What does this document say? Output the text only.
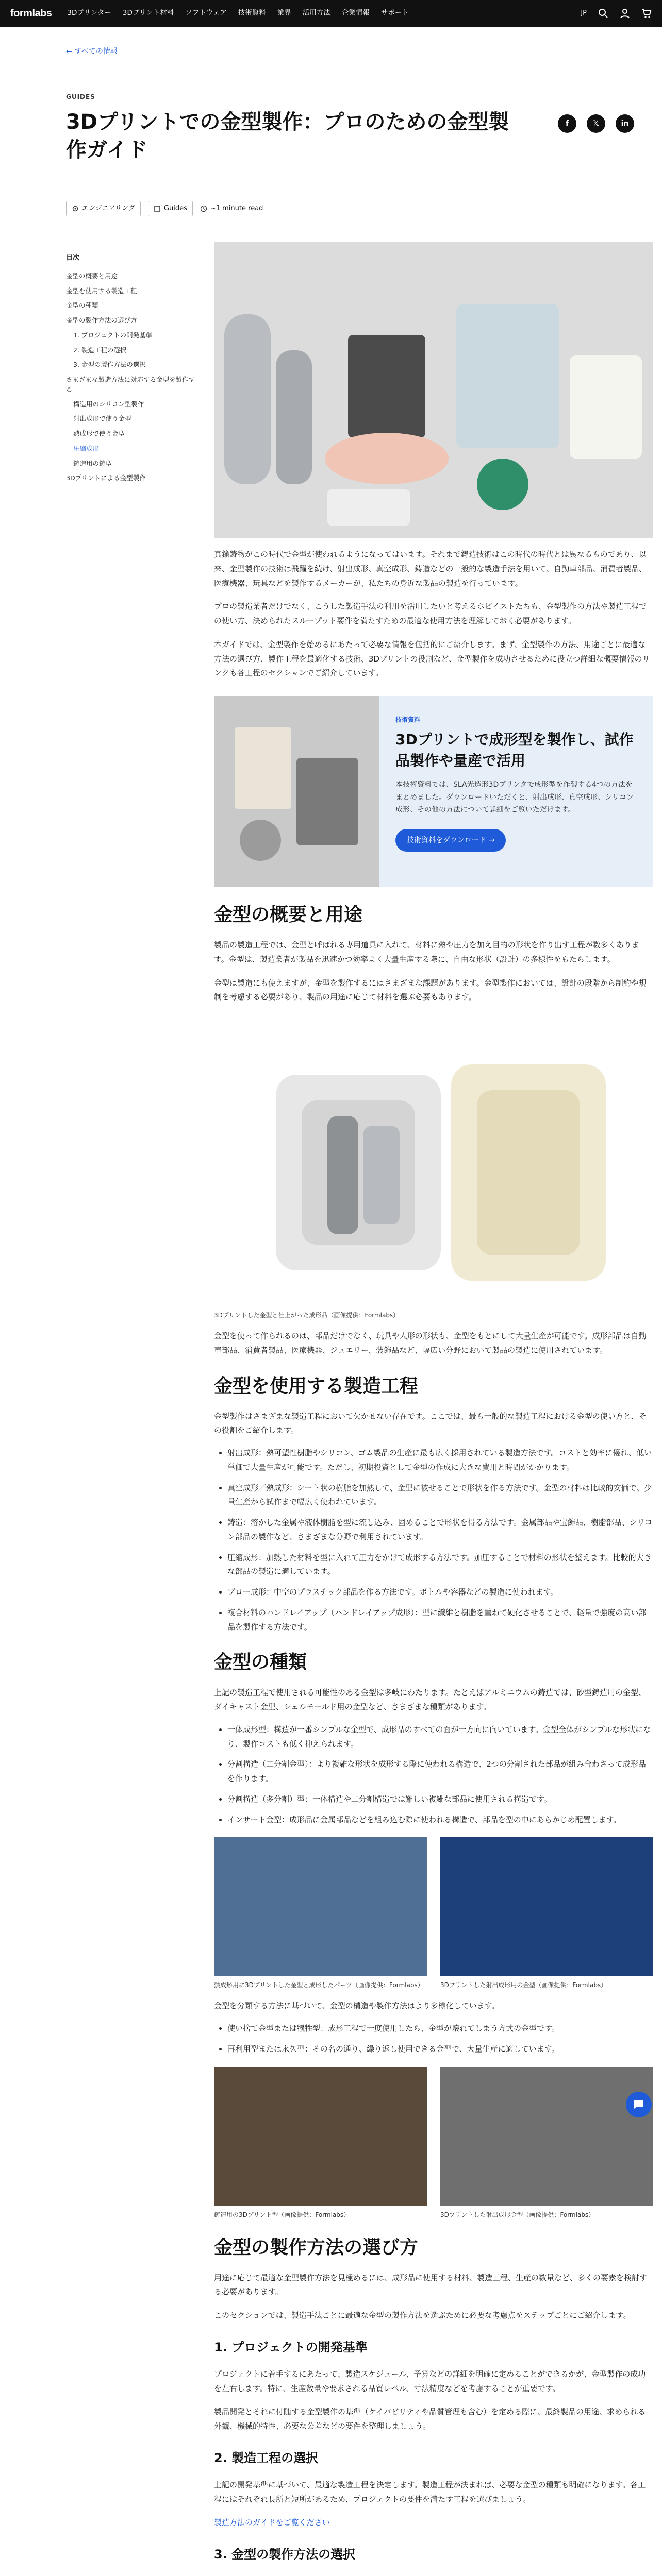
formlabs 3Dプリンター 3Dプリント材料 ソフトウェア 技術資料 業界 活用方法 企業情報 サポート	JP
← すべての情報
GUIDES
3Dプリントでの金型製作：プロのための金型製作ガイド
f	𝕏	in
エンジニアリング	Guides	~1 minute read
目次
金型の概要と用途
金型を使用する製造工程
金型の種類
金型の製作方法の選び方
1. プロジェクトの開発基準
2. 製造工程の選択
3. 金型の製作方法の選択
さまざまな製造方法に対応する金型を製作する
構造用のシリコン型製作
射出成形で使う金型
熱成形で使う金型
圧縮成形
鋳造用の鋳型
3Dプリントによる金型製作

真鍮鋳物がこの時代で金型が使われるようになってはいます。それまで鋳造技術はこの時代の時代とは異なるものであり、以来、金型製作の技術は飛躍を続け、射出成形、真空成形、鋳造などの一般的な製造手法を用いて、自動車部品、消費者製品、医療機器、玩具などを製作するメーカーが、私たちの身近な製品の製造を行っています。

プロの製造業者だけでなく、こうした製造手法の利用を活用したいと考えるホビイストたちも、金型製作の方法や製造工程での使い方、決められたスループット要件を満たすための最適な使用方法を理解しておく必要があります。

本ガイドでは、金型製作を始めるにあたって必要な情報を包括的にご紹介します。まず、金型製作の方法、用途ごとに最適な方法の選び方、製作工程を最適化する技術、3Dプリントの役割など、金型製作を成功させるために役立つ詳細な概要情報のリンクも各工程のセクションでご紹介しています。

技術資料
3Dプリントで成形型を製作し、試作品製作や量産で活用

本技術資料では、SLA光造形3Dプリンタで成形型を作製する4つの方法をまとめました。ダウンロードいただくと、射出成形、真空成形、シリコン成形、その他の方法について詳細をご覧いただけます。

技術資料をダウンロード →
金型の概要と用途

製品の製造工程では、金型と呼ばれる専用道具に入れて、材料に熱や圧力を加え目的の形状を作り出す工程が数多くあります。金型は、製造業者が製品を迅速かつ効率よく大量生産する際に、自由な形状（設計）の多様性をもたらします。

金型は製造にも使えますが、金型を製作するにはさまざまな課題があります。金型製作においては、設計の段階から制約や規制を考慮する必要があり、製品の用途に応じて材料を選ぶ必要もあります。

3Dプリントした金型と仕上がった成形品（画像提供：Formlabs）

金型を使って作られるのは、部品だけでなく、玩具や人形の形状も、金型をもとにして大量生産が可能です。成形部品は自動車部品、消費者製品、医療機器、ジュエリー、装飾品など、幅広い分野において製品の製造に使用されています。

金型を使用する製造工程

金型製作はさまざまな製造工程において欠かせない存在です。ここでは、最も一般的な製造工程における金型の使い方と、その役割をご紹介します。

• 射出成形：熱可塑性樹脂やシリコン、ゴム製品の生産に最も広く採用されている製造方法です。コストと効率に優れ、低い単価で大量生産が可能です。ただし、初期投資として金型の作成に大きな費用と時間がかかります。
• 真空成形／熱成形：シート状の樹脂を加熱して、金型に被せることで形状を作る方法です。金型の材料は比較的安価で、少量生産から試作まで幅広く使われています。
• 鋳造：溶かした金属や液体樹脂を型に流し込み、固めることで形状を得る方法です。金属部品や宝飾品、樹脂部品、シリコン部品の製作など、さまざまな分野で利用されています。
• 圧縮成形：加熱した材料を型に入れて圧力をかけて成形する方法です。加圧することで材料の形状を整えます。比較的大きな部品の製造に適しています。
• ブロー成形：中空のプラスチック部品を作る方法です。ボトルや容器などの製造に使われます。
• 複合材料のハンドレイアップ（ハンドレイアップ成形）：型に繊維と樹脂を重ねて硬化させることで、軽量で強度の高い部品を製作する方法です。
金型の種類

上記の製造工程で使用される可能性のある金型は多岐にわたります。たとえばアルミニウムの鋳造では、砂型鋳造用の金型、ダイキャスト金型、シェルモールド用の金型など、さまざまな種類があります。

• 一体成形型：構造が一番シンプルな金型で、成形品のすべての面が一方向に向いています。金型全体がシンプルな形状になり、製作コストも低く抑えられます。
• 分割構造（二分割金型）：より複雑な形状を成形する際に使われる構造で、2つの分割された部品が組み合わさって成形品を作ります。
• 分割構造（多分割）型：一体構造や二分割構造では難しい複雑な部品に使用される構造です。
• インサート金型：成形品に金属部品などを組み込む際に使われる構造で、部品を型の中にあらかじめ配置します。
熱成形用に3Dプリントした金型と成形したパーツ（画像提供：Formlabs）	3Dプリントした射出成形用の金型（画像提供：Formlabs）

金型を分類する方法に基づいて、金型の構造や製作方法はより多様化しています。

• 使い捨て金型または犠牲型：成形工程で一度使用したら、金型が壊れてしまう方式の金型です。
• 再利用型または永久型：その名の通り、繰り返し使用できる金型で、大量生産に適しています。
鋳造用の3Dプリント型（画像提供：Formlabs）	3Dプリントした射出成形金型（画像提供：Formlabs）
金型の製作方法の選び方

用途に応じて最適な金型製作方法を見極めるには、成形品に使用する材料、製造工程、生産の数量など、多くの要素を検討する必要があります。

このセクションでは、製造手法ごとに最適な金型の製作方法を選ぶために必要な考慮点をステップごとにご紹介します。

1. プロジェクトの開発基準

プロジェクトに着手するにあたって、製造スケジュール、予算などの詳細を明確に定めることができるかが、金型製作の成功を左右します。特に、生産数量や要求される品質レベル、寸法精度などを考慮することが重要です。

製品開発とそれに付随する金型製作の基準（ケイパビリティや品質管理も含む）を定める際に、最終製品の用途、求められる外観、機械的特性、必要な公差などの要件を整理しましょう。

2. 製造工程の選択

上記の開発基準に基づいて、最適な製造工程を決定します。製造工程が決まれば、必要な金型の種類も明確になります。各工程にはそれぞれ長所と短所があるため、プロジェクトの要件を満たす工程を選びましょう。

製造方法のガイドをご覧ください

3. 金型の製作方法の選択
